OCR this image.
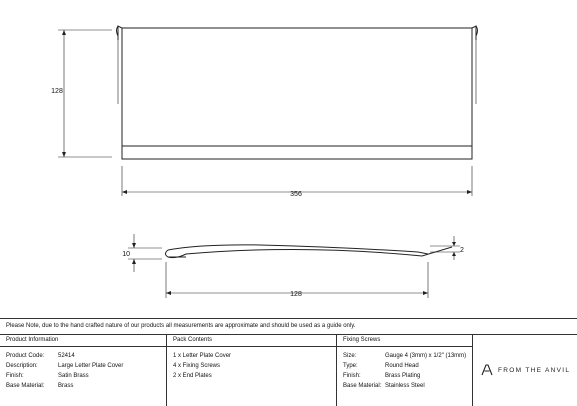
128
356
10
2
128
Please Note, due to the hand crafted nature of our products all measurements are approximate and should be used as a guide only.
Product Information
Product Code: 52414
Description:	Large Letter Plate Cover
Finish:	Satin Brass
Base Material: Brass
Pack Contents
1 x Letter Plate Cover
4 x Fixing Screws
2 x End Plates
Fixing Screws
Size:	Gauge 4 (3mm) x 1/2" (13mm)
Type:	Round Head
Finish:	Brass Plating
Base Material: Stainless Steel
FROM THE ANVIL
